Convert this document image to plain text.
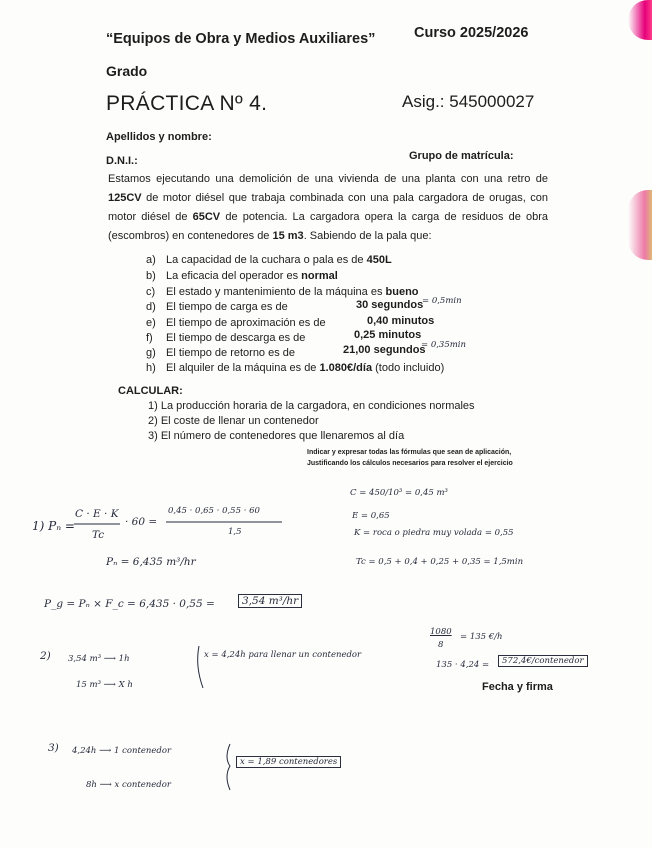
“Equipos de Obra y Medios Auxiliares”	Curso 2025/2026
Grado
PRÁCTICA Nº 4.	Asig.: 545000027
Apellidos y nombre:
D.N.I.:	Grupo de matrícula:

Estamos ejecutando una demolición de una vivienda de una planta con una retro de 125CV de motor diésel que trabaja combinada con una pala cargadora de orugas, con motor diésel de 65CV de potencia. La cargadora opera la carga de residuos de obra (escombros) en contenedores de 15 m3. Sabiendo de la pala que:

a) La capacidad de la cuchara o pala es de 450L
b) La eficacia del operador es normal
c) El estado y mantenimiento de la máquina es bueno
d) El tiempo de carga es de	30 segundos
= 0,5min
e) El tiempo de aproximación es de	0,40 minutos
f) El tiempo de descarga es de	0,25 minutos
g) El tiempo de retorno es de	21,00 segundos
= 0,35min
h) El alquiler de la máquina es de 1.080€/día (todo incluido)
CALCULAR:
1) La producción horaria de la cargadora, en condiciones normales
2) El coste de llenar un contenedor
3) El número de contenedores que llenaremos al día
Indicar y expresar todas las fórmulas que sean de aplicación,
Justificando los cálculos necesarios para resolver el ejercicio
C = 450/10³ = 0,45 m³
E = 0,65
K = roca o piedra muy volada = 0,55
Tc = 0,5 + 0,4 + 0,25 + 0,35 = 1,5min
1) Pₙ =
C · E · K
Tc
· 60 =
0,45 · 0,65 · 0,55 · 60
1,5
Pₙ = 6,435 m³/hr
P_g = Pₙ × F_c = 6,435 · 0,55 =	3,54 m³/hr
2) 3,54 m³ ⟶ 1h
15 m³ ⟶ X h
x = 4,24h para llenar un contenedor
1080
8
= 135 €/h
135 · 4,24 =	572,4€/contenedor
Fecha y firma
3) 4,24h ⟶ 1 contenedor
8h ⟶ x contenedor
x = 1,89 contenedores
